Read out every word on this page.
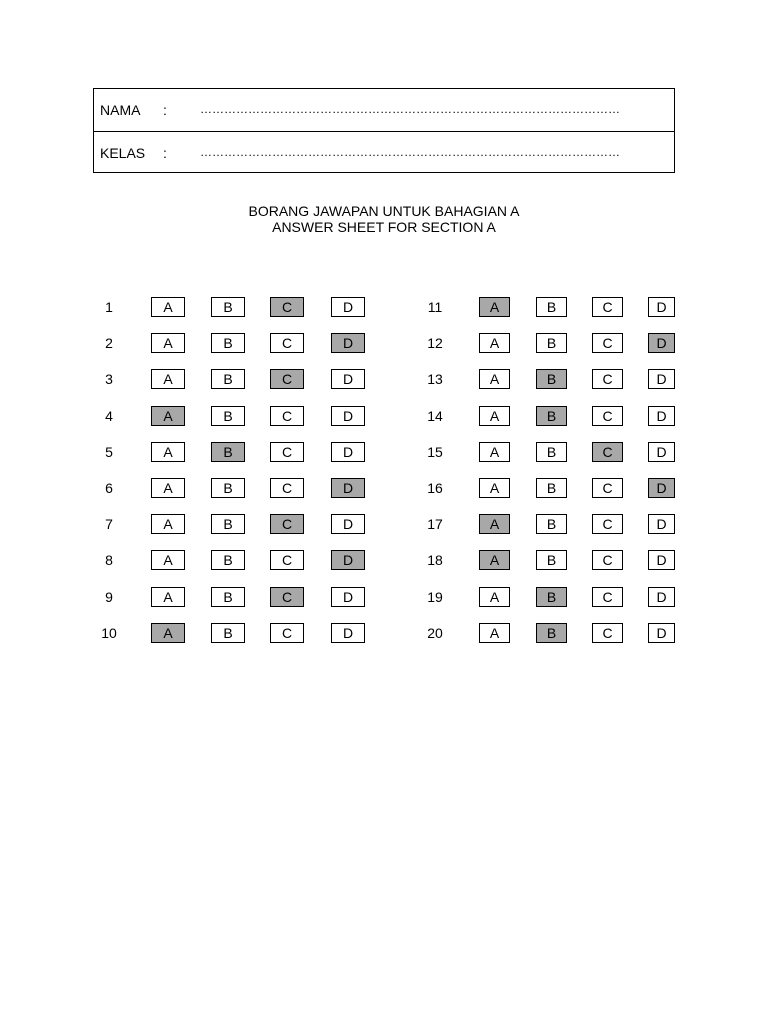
NAMA :	……………………………………………………………………………………………
KELAS :	……………………………………………………………………………………………
BORANG JAWAPAN UNTUK BAHAGIAN A
ANSWER SHEET FOR SECTION A
1	A	B	C	D
2	A	B	C	D
3	A	B	C	D
4	A	B	C	D
5	A	B	C	D
6	A	B	C	D
7	A	B	C	D
8	A	B	C	D
9	A	B	C	D
10	A	B	C	D
11	A	B	C	D
12	A	B	C	D
13	A	B	C	D
14	A	B	C	D
15	A	B	C	D
16	A	B	C	D
17	A	B	C	D
18	A	B	C	D
19	A	B	C	D
20	A	B	C	D
